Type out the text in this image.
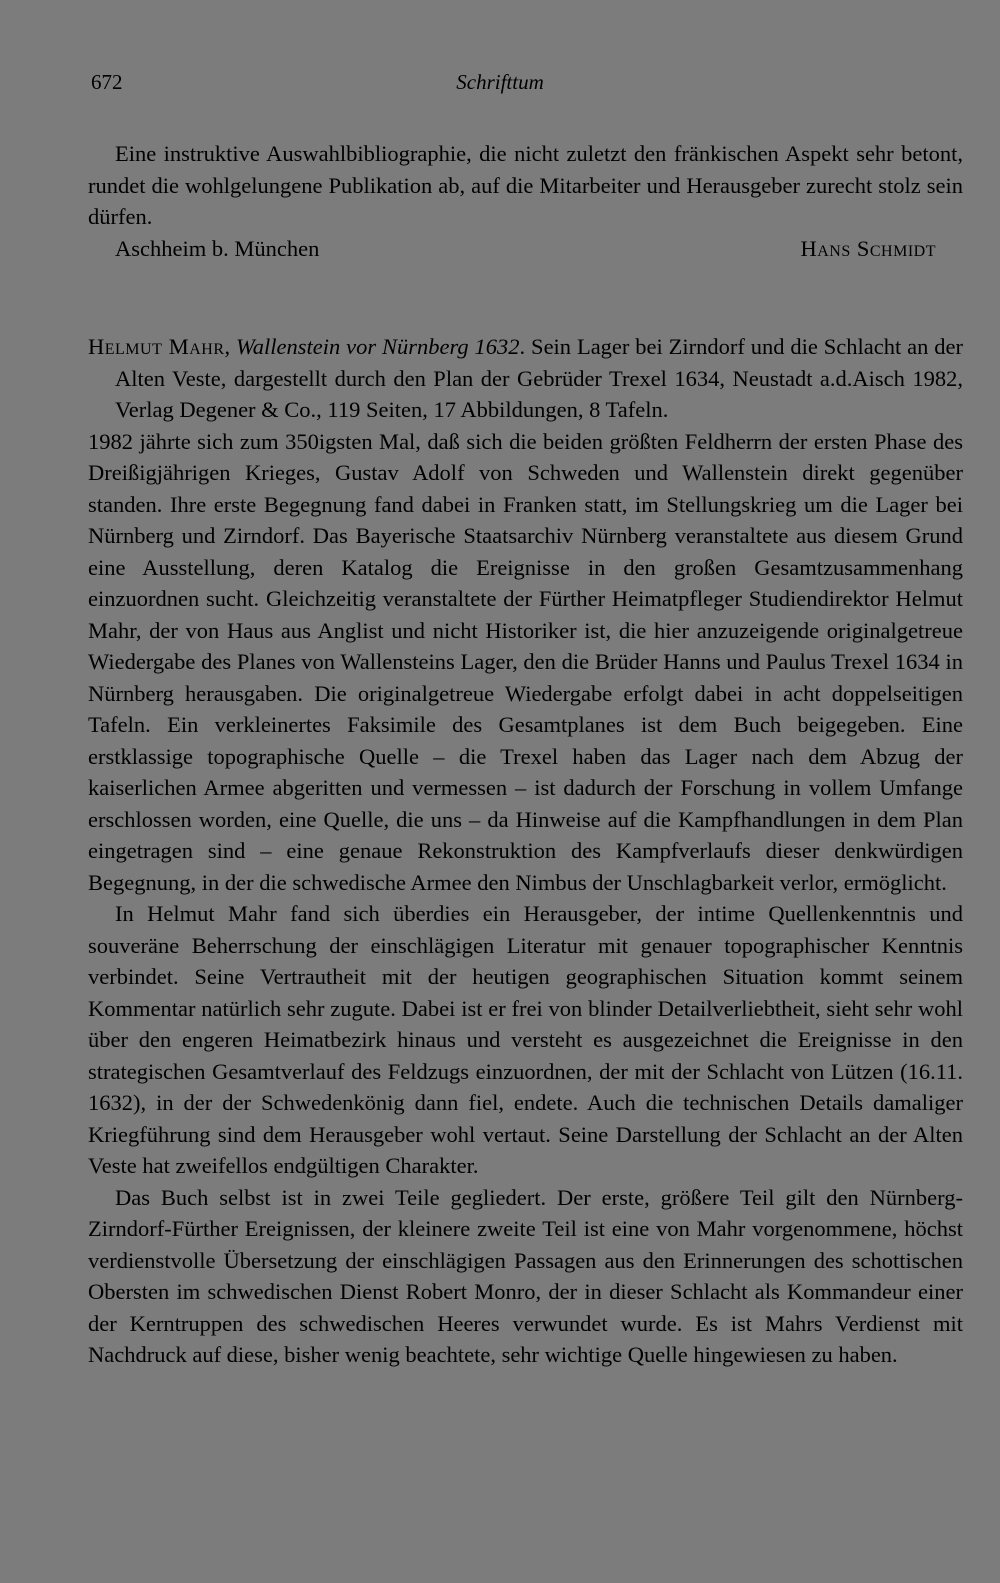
672	Schrifttum

Eine instruktive Auswahlbibliographie, die nicht zuletzt den fränkischen Aspekt sehr betont, rundet die wohlgelungene Publikation ab, auf die Mitarbeiter und Herausgeber zurecht stolz sein dürfen.

Aschheim b. München	Hans Schmidt

Helmut Mahr, Wallenstein vor Nürnberg 1632. Sein Lager bei Zirndorf und die Schlacht an der Alten Veste, dargestellt durch den Plan der Gebrüder Trexel 1634, Neustadt a.d.Aisch 1982, Verlag Degener & Co., 119 Seiten, 17 Abbildungen, 8 Tafeln.

1982 jährte sich zum 350igsten Mal, daß sich die beiden größten Feldherrn der ersten Phase des Dreißigjährigen Krieges, Gustav Adolf von Schweden und Wallenstein direkt gegenüber standen. Ihre erste Begegnung fand dabei in Franken statt, im Stellungskrieg um die Lager bei Nürnberg und Zirndorf. Das Bayerische Staatsarchiv Nürnberg veranstaltete aus diesem Grund eine Ausstellung, deren Katalog die Ereignisse in den großen Gesamtzusammenhang einzuordnen sucht. Gleichzeitig veranstaltete der Fürther Heimatpfleger Studiendirektor Helmut Mahr, der von Haus aus Anglist und nicht Historiker ist, die hier anzuzeigende originalgetreue Wiedergabe des Planes von Wallensteins Lager, den die Brüder Hanns und Paulus Trexel 1634 in Nürnberg herausgaben. Die originalgetreue Wiedergabe erfolgt dabei in acht doppelseitigen Tafeln. Ein verkleinertes Faksimile des Gesamtplanes ist dem Buch beigegeben. Eine erstklassige topographische Quelle – die Trexel haben das Lager nach dem Abzug der kaiserlichen Armee abgeritten und vermessen – ist dadurch der Forschung in vollem Umfange erschlossen worden, eine Quelle, die uns – da Hinweise auf die Kampfhandlungen in dem Plan eingetragen sind – eine genaue Rekonstruktion des Kampfverlaufs dieser denkwürdigen Begegnung, in der die schwedische Armee den Nimbus der Unschlagbarkeit verlor, ermöglicht.

In Helmut Mahr fand sich überdies ein Herausgeber, der intime Quellenkenntnis und souveräne Beherrschung der einschlägigen Literatur mit genauer topographischer Kenntnis verbindet. Seine Vertrautheit mit der heutigen geographischen Situation kommt seinem Kommentar natürlich sehr zugute. Dabei ist er frei von blinder Detailverliebtheit, sieht sehr wohl über den engeren Heimatbezirk hinaus und versteht es ausgezeichnet die Ereignisse in den strategischen Gesamtverlauf des Feldzugs einzuordnen, der mit der Schlacht von Lützen (16.11. 1632), in der der Schwedenkönig dann fiel, endete. Auch die technischen Details damaliger Kriegführung sind dem Herausgeber wohl vertaut. Seine Darstellung der Schlacht an der Alten Veste hat zweifellos endgültigen Charakter.

Das Buch selbst ist in zwei Teile gegliedert. Der erste, größere Teil gilt den Nürnberg-Zirndorf-Fürther Ereignissen, der kleinere zweite Teil ist eine von Mahr vorgenommene, höchst verdienstvolle Übersetzung der einschlägigen Passagen aus den Erinnerungen des schottischen Obersten im schwedischen Dienst Robert Monro, der in dieser Schlacht als Kommandeur einer der Kerntruppen des schwedischen Heeres verwundet wurde. Es ist Mahrs Verdienst mit Nachdruck auf diese, bisher wenig beachtete, sehr wichtige Quelle hingewiesen zu haben.
